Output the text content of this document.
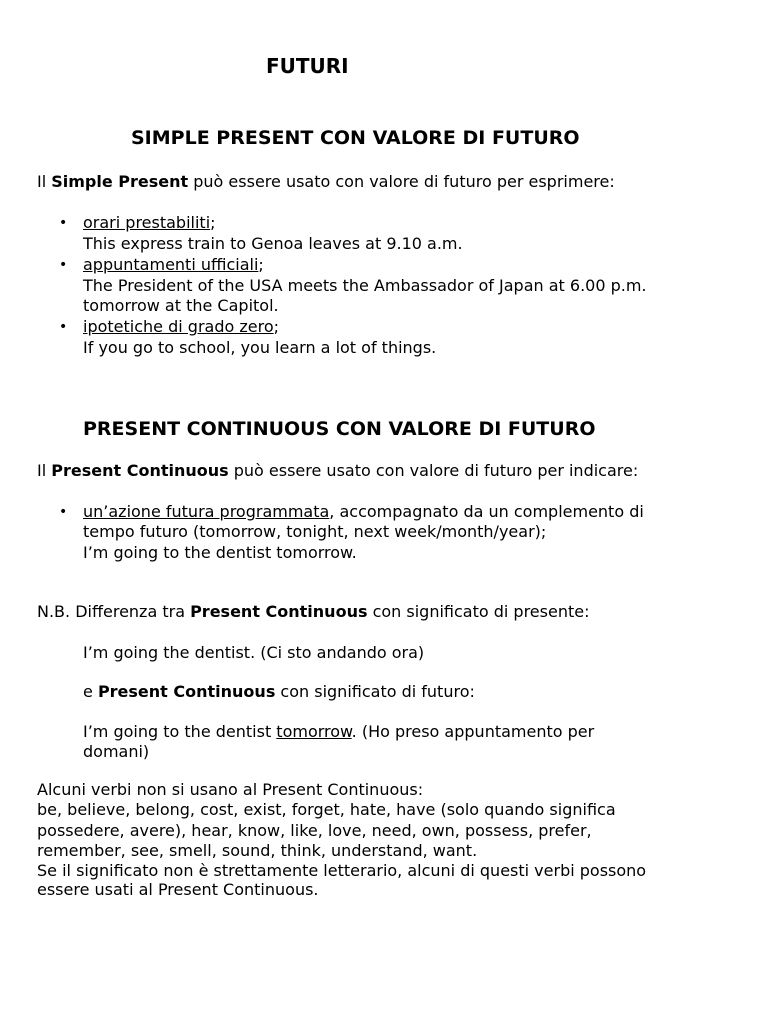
FUTURI
SIMPLE PRESENT CON VALORE DI FUTURO
Il Simple Present può essere usato con valore di futuro per esprimere:
• orari prestabiliti;
This express train to Genoa leaves at 9.10 a.m.
• appuntamenti ufficiali;
The President of the USA meets the Ambassador of Japan at 6.00 p.m.
tomorrow at the Capitol.
• ipotetiche di grado zero;
If you go to school, you learn a lot of things.
PRESENT CONTINUOUS CON VALORE DI FUTURO
Il Present Continuous può essere usato con valore di futuro per indicare:
• un’azione futura programmata, accompagnato da un complemento di
tempo futuro (tomorrow, tonight, next week/month/year);
I’m going to the dentist tomorrow.
N.B. Differenza tra Present Continuous con significato di presente:
I’m going the dentist. (Ci sto andando ora)
e Present Continuous con significato di futuro:
I’m going to the dentist tomorrow. (Ho preso appuntamento per
domani)
Alcuni verbi non si usano al Present Continuous:
be, believe, belong, cost, exist, forget, hate, have (solo quando significa
possedere, avere), hear, know, like, love, need, own, possess, prefer,
remember, see, smell, sound, think, understand, want.
Se il significato non è strettamente letterario, alcuni di questi verbi possono
essere usati al Present Continuous.
